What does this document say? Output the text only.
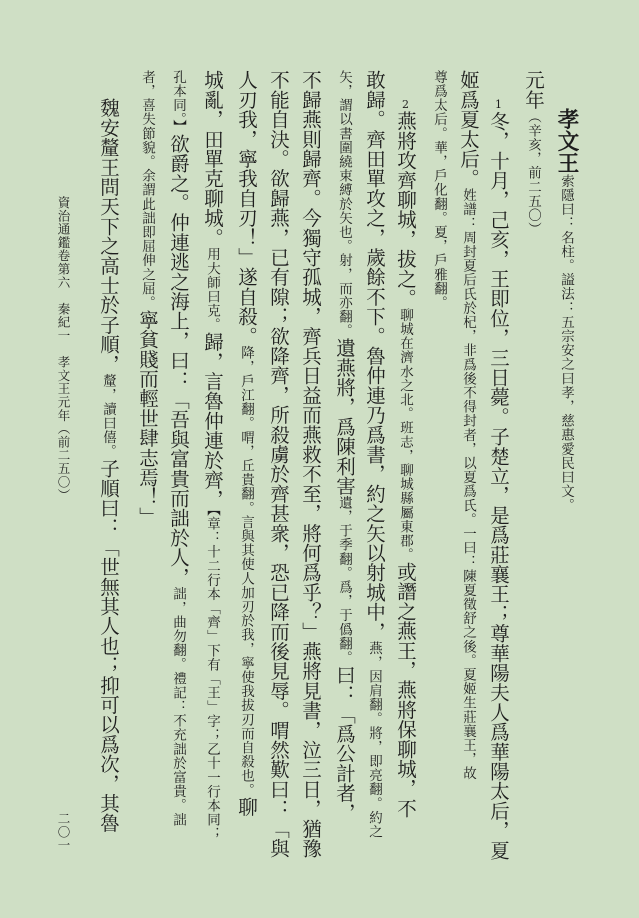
孝文王索隱曰：名柱。謚法：五宗安之曰孝，慈惠愛民曰文。
元年（辛亥，前二五〇）
1冬，十月，己亥，王即位，三日薨。子楚立，是爲莊襄王；尊華陽夫人爲華陽太后，夏
姬爲夏太后。姓譜：周封夏后氏於杞，非爲後不得封者，以夏爲氏。一曰：陳夏徵舒之後。夏姬生莊襄王，故
尊爲太后。華，戶化翻。夏，戶雅翻。
2燕將攻齊聊城，拔之。聊城在濟水之北。班志，聊城縣屬東郡。或譖之燕王，燕將保聊城，不
敢歸。齊田單攻之，歲餘不下。魯仲連乃爲書，約之矢以射城中，燕，因肩翻。將，即亮翻。約之
矢，謂以書圍繞束縛於矢也。射，而亦翻。遺燕將，爲陳利害遺，于季翻。爲，于僞翻。曰：「爲公計者，
不歸燕則歸齊。今獨守孤城，齊兵日益而燕救不至，將何爲乎？」燕將見書，泣三日，猶豫
不能自決。欲歸燕，已有隙；欲降齊，所殺虜於齊甚衆，恐已降而後見辱。喟然歎曰：「與
人刃我，寧我自刃！」遂自殺。降，戶江翻。喟，丘貴翻。言與其使人加刃於我，寧使我拔刃而自殺也。聊
城亂，田單克聊城。用大師曰克。歸，言魯仲連於齊，【章：十二行本「齊」下有「王」字；乙十一行本同；
孔本同。】欲爵之。仲連逃之海上，曰：「吾與富貴而詘於人，詘，曲勿翻。禮記：不充詘於富貴。詘
者，喜失節貌。余謂此詘即屈伸之屈。寧貧賤而輕世肆志焉！」
魏安釐王問天下之高士於子順，釐，讀曰僖。子順曰：「世無其人也；抑可以爲次，其魯
資治通鑑卷第六　秦紀一　孝文王元年（前二五〇）
二〇一
